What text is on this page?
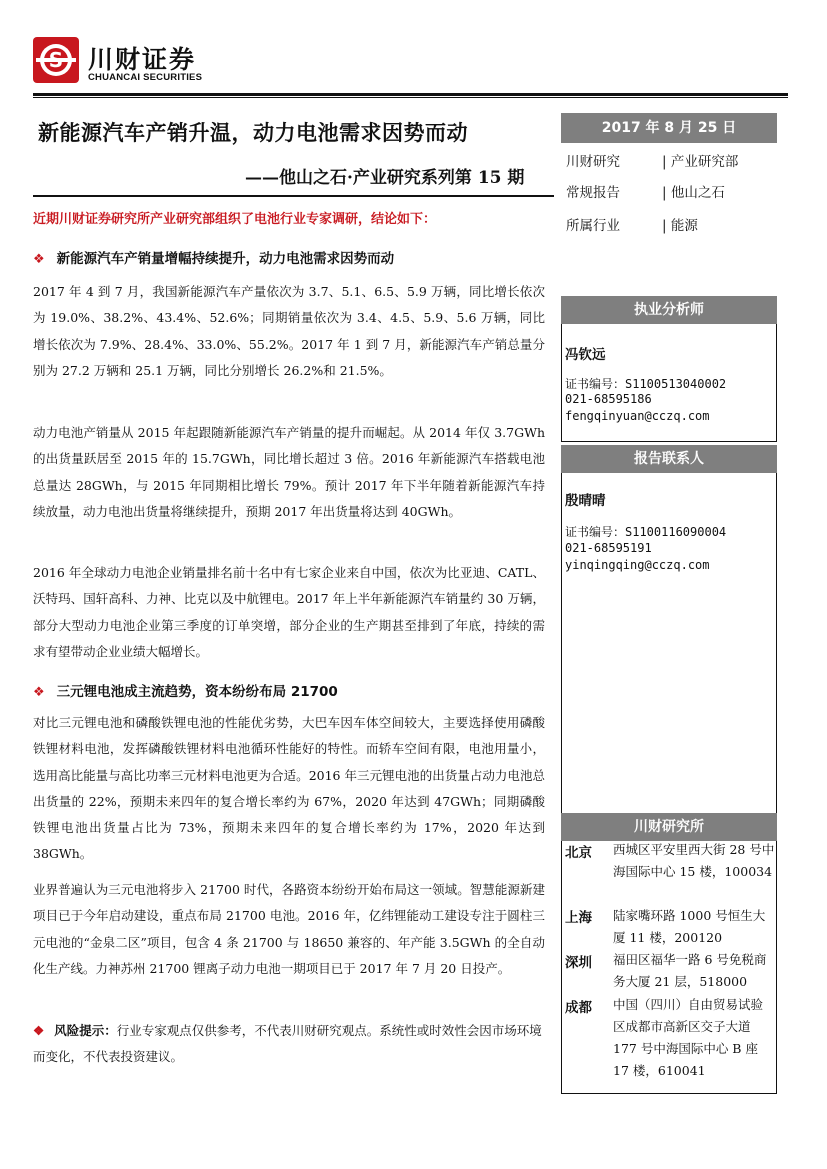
S 川财证券
CHUANCAI SECURITIES
新能源汽车产销升温，动力电池需求因势而动
——他山之石·产业研究系列第 15 期
近期川财证券研究所产业研究部组织了电池行业专家调研，结论如下：
❖ 新能源汽车产销量增幅持续提升，动力电池需求因势而动
2017 年 4 到 7 月，我国新能源汽车产量依次为 3.7、5.1、6.5、5.9 万辆，同比增长依次为 19.0%、38.2%、43.4%、52.6%；同期销量依次为 3.4、4.5、5.9、5.6 万辆，同比增长依次为 7.9%、28.4%、33.0%、55.2%。2017 年 1 到 7 月，新能源汽车产销总量分别为 27.2 万辆和 25.1 万辆，同比分别增长 26.2%和 21.5%。
动力电池产销量从 2015 年起跟随新能源汽车产销量的提升而崛起。从 2014 年仅 3.7GWh 的出货量跃居至 2015 年的 15.7GWh，同比增长超过 3 倍。2016 年新能源汽车搭载电池总量达 28GWh，与 2015 年同期相比增长 79%。预计 2017 年下半年随着新能源汽车持续放量，动力电池出货量将继续提升，预期 2017 年出货量将达到 40GWh。
2016 年全球动力电池企业销量排名前十名中有七家企业来自中国，依次为比亚迪、CATL、沃特玛、国轩高科、力神、比克以及中航锂电。2017 年上半年新能源汽车销量约 30 万辆，部分大型动力电池企业第三季度的订单突增，部分企业的生产期甚至排到了年底，持续的需求有望带动企业业绩大幅增长。
❖ 三元锂电池成主流趋势，资本纷纷布局 21700
对比三元锂电池和磷酸铁锂电池的性能优劣势，大巴车因车体空间较大，主要选择使用磷酸铁锂材料电池，发挥磷酸铁锂材料电池循环性能好的特性。而轿车空间有限，电池用量小，选用高比能量与高比功率三元材料电池更为合适。2016 年三元锂电池的出货量占动力电池总出货量的 22%，预期未来四年的复合增长率约为 67%，2020 年达到 47GWh；同期磷酸铁锂电池出货量占比为 73%，预期未来四年的复合增长率约为 17%，2020 年达到 38GWh。
业界普遍认为三元电池将步入 21700 时代，各路资本纷纷开始布局这一领域。智慧能源新建项目已于今年启动建设，重点布局 21700 电池。2016 年，亿纬锂能动工建设专注于圆柱三元电池的“金泉二区”项目，包含 4 条 21700 与 18650 兼容的、年产能 3.5GWh 的全自动化生产线。力神苏州 21700 锂离子动力电池一期项目已于 2017 年 7 月 20 日投产。
❖ 风险提示：行业专家观点仅供参考，不代表川财研究观点。系统性或时效性会因市场环境而变化，不代表投资建议。
2017 年 8 月 25 日
川财研究	| 产业研究部
常规报告	| 他山之石
所属行业	| 能源
执业分析师
冯钦远
证书编号：S1100513040002
021-68595186
fengqinyuan@cczq.com
报告联系人
殷晴晴
证书编号：S1100116090004
021-68595191
yinqingqing@cczq.com
川财研究所
北京 西城区平安里西大街 28 号中海国际中心 15 楼，100034
上海 陆家嘴环路 1000 号恒生大厦 11 楼，200120
深圳 福田区福华一路 6 号免税商务大厦 21 层，518000
成都 中国（四川）自由贸易试验区成都市高新区交子大道 177 号中海国际中心 B 座 17 楼，610041
